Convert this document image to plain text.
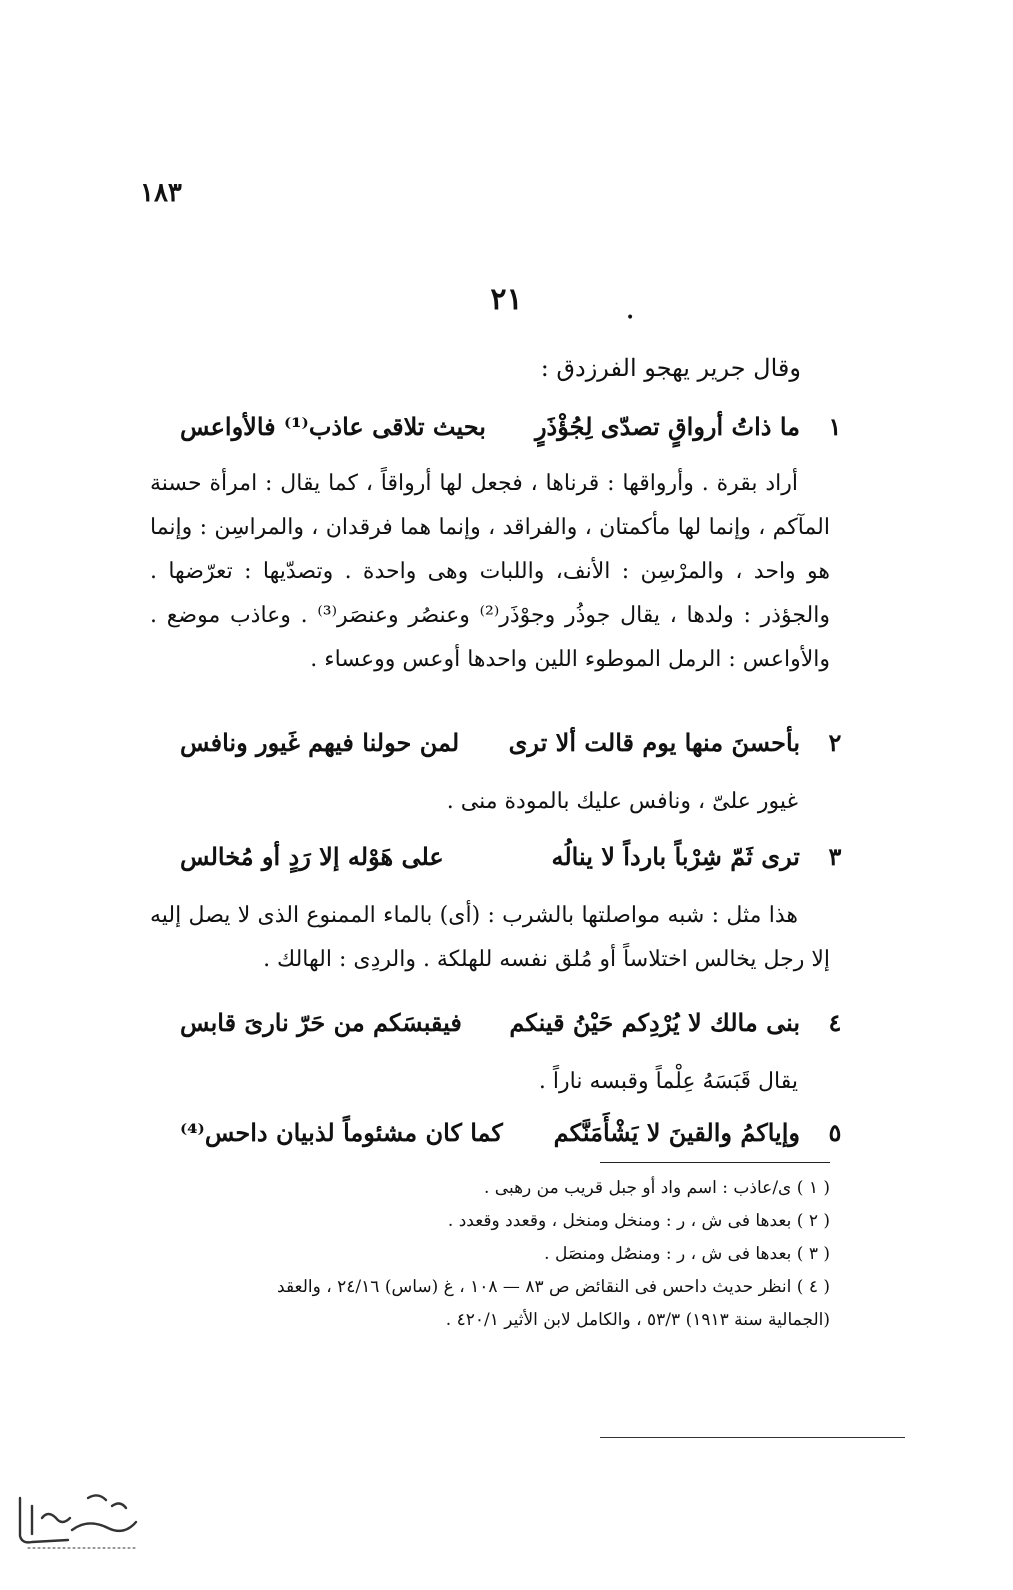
١٨٣
٢١
•
وقال جرير يهجو الفرزدق :
١
ما ذاتُ أرواقٍ تصدّى لِجُؤْذَرٍ
بحيث تلاقى عاذب⁽¹⁾ فالأواعس
أراد بقرة . وأرواقها : قرناها ، فجعل لها أرواقاً ، كما يقال : امرأة حسنة المآكم ، وإنما لها مأكمتان ، والفراقد ، وإنما هما فرقدان ، والمراسِن : وإنما هو واحد ، والمرْسِن : الأنف، واللبات وهى واحدة . وتصدّيها : تعرّضها . والجؤذر : ولدها ، يقال جوذُر وجوْذَر⁽²⁾ وعنصُر وعنصَر⁽³⁾ . وعاذب موضع . والأواعس : الرمل الموطوء اللين واحدها أوعس ووعساء .
٢
بأحسنَ منها يوم قالت ألا ترى
لمن حولنا فيهم غَيور ونافس
غيور علىّ ، ونافس عليك بالمودة منى .
٣
ترى ثَمّ شِرْباً بارداً لا ينالُه
على هَوْله إلا رَدٍ أو مُخالس
هذا مثل : شبه مواصلتها بالشرب : (أى) بالماء الممنوع الذى لا يصل إليه إلا رجل يخالس اختلاساً أو مُلق نفسه للهلكة . والردِى : الهالك .
٤
بنى مالك لا يُرْدِكم حَيْنُ قينكم
فيقبسَكم من حَرّ نارىَ قابس
يقال قَبَسَهُ عِلْماً وقبسه ناراً .
٥
وإياكمُ والقينَ لا يَشْأَمَنَّكم
كما كان مشئوماً لذبيان داحس⁽⁴⁾
( ١ ) ى/عاذب : اسم واد أو جبل قريب من رهبى .
( ٢ ) بعدها فى ش ، ر : ومنخل ومنخل ، وقعدد وقعدد .
( ٣ ) بعدها فى ش ، ر : ومنصُل ومنصَل .
( ٤ ) انظر حديث داحس فى النقائض ص ٨٣ — ١٠٨ ، غ (ساس) ٢٤/١٦ ، والعقد
(الجمالية سنة ١٩١٣) ٥٣/٣ ، والكامل لابن الأثير ٤٢٠/١ .
